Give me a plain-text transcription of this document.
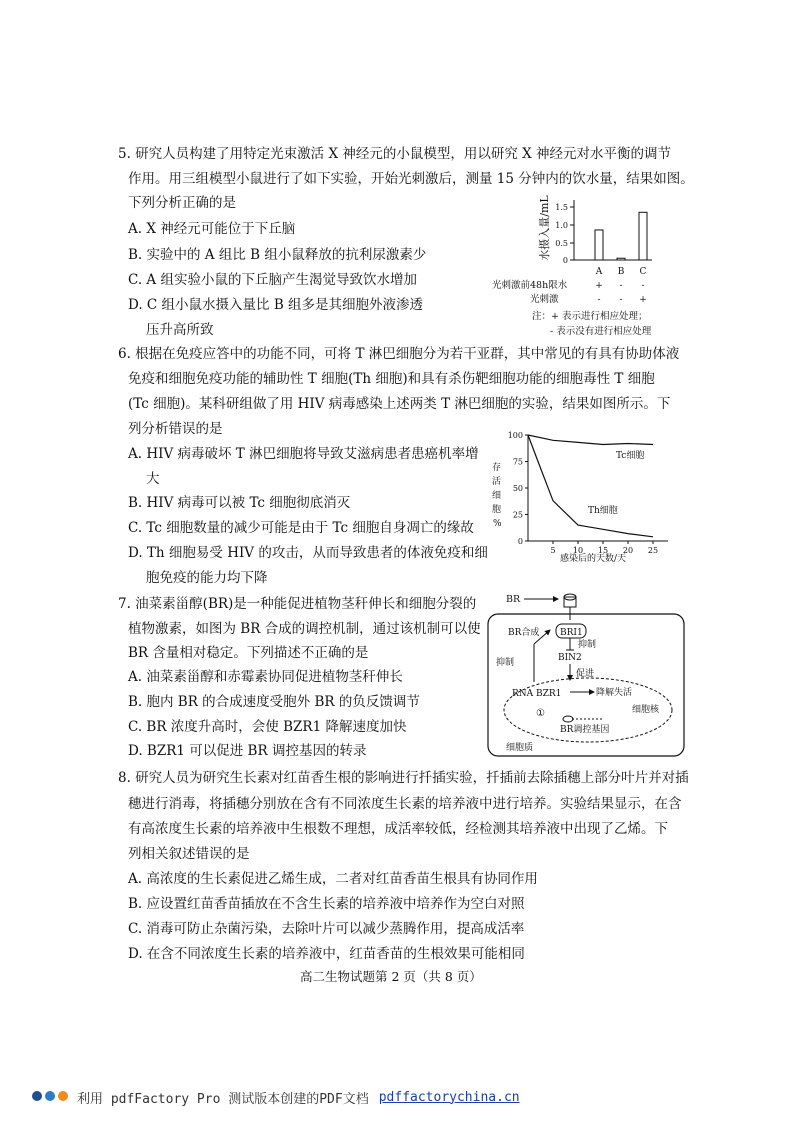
5. 研究人员构建了用特定光束激活 X 神经元的小鼠模型，用以研究 X 神经元对水平衡的调节
作用。用三组模型小鼠进行了如下实验，开始光刺激后，测量 15 分钟内的饮水量，结果如图。
下列分析正确的是
A. X 神经元可能位于下丘脑
B. 实验中的 A 组比 B 组小鼠释放的抗利尿激素少
C. A 组实验小鼠的下丘脑产生渴觉导致饮水增加
D. C 组小鼠水摄入量比 B 组多是其细胞外液渗透
压升高所致
水摄入量/mL 0
0.5
1.0
1.5
A B C
光刺激前48h限水	+ - -
光刺激	- - +
注：+ 表示进行相应处理；
- 表示没有进行相应处理
6. 根据在免疫应答中的功能不同，可将 T 淋巴细胞分为若干亚群，其中常见的有具有协助体液
免疫和细胞免疫功能的辅助性 T 细胞(Th 细胞)和具有杀伤靶细胞功能的细胞毒性 T 细胞
(Tc 细胞)。某科研组做了用 HIV 病毒感染上述两类 T 淋巴细胞的实验，结果如图所示。下
列分析错误的是
A. HIV 病毒破坏 T 淋巴细胞将导致艾滋病患者患癌机率增
大
B. HIV 病毒可以被 Tc 细胞彻底消灭
C. Tc 细胞数量的减少可能是由于 Tc 细胞自身凋亡的缘故
D. Th 细胞易受 HIV 的攻击，从而导致患者的体液免疫和细
胞免疫的能力均下降
0
25
50
75
100
5 10 15 20 25
存
活
细
胞
%
Tc细胞
Th细胞
感染后的天数/天
7. 油菜素甾醇(BR)是一种能促进植物茎秆伸长和细胞分裂的
植物激素，如图为 BR 合成的调控机制，通过该机制可以使
BR 含量相对稳定。下列描述不正确的是
A. 油菜素甾醇和赤霉素协同促进植物茎秆伸长
B. 胞内 BR 的合成速度受胞外 BR 的负反馈调节
C. BR 浓度升高时，会使 BZR1 降解速度加快
D. BZR1 可以促进 BR 调控基因的转录
BR
BR合成 BRI1
抑制
BIN2
抑制
促进
RNA BZR1	降解失活
细胞核
①
BR调控基因
细胞质
8. 研究人员为研究生长素对红苗香生根的影响进行扦插实验，扦插前去除插穗上部分叶片并对插
穗进行消毒，将插穗分别放在含有不同浓度生长素的培养液中进行培养。实验结果显示，在含
有高浓度生长素的培养液中生根数不理想，成活率较低，经检测其培养液中出现了乙烯。下
列相关叙述错误的是
A. 高浓度的生长素促进乙烯生成，二者对红苗香苗生根具有协同作用
B. 应设置红苗香苗插放在不含生长素的培养液中培养作为空白对照
C. 消毒可防止杂菌污染，去除叶片可以减少蒸腾作用，提高成活率
D. 在含不同浓度生长素的培养液中，红苗香苗的生根效果可能相同
高二生物试题第 2 页（共 8 页）
利用 pdfFactory Pro 测试版本创建的PDF文档 pdffactorychina.cn
